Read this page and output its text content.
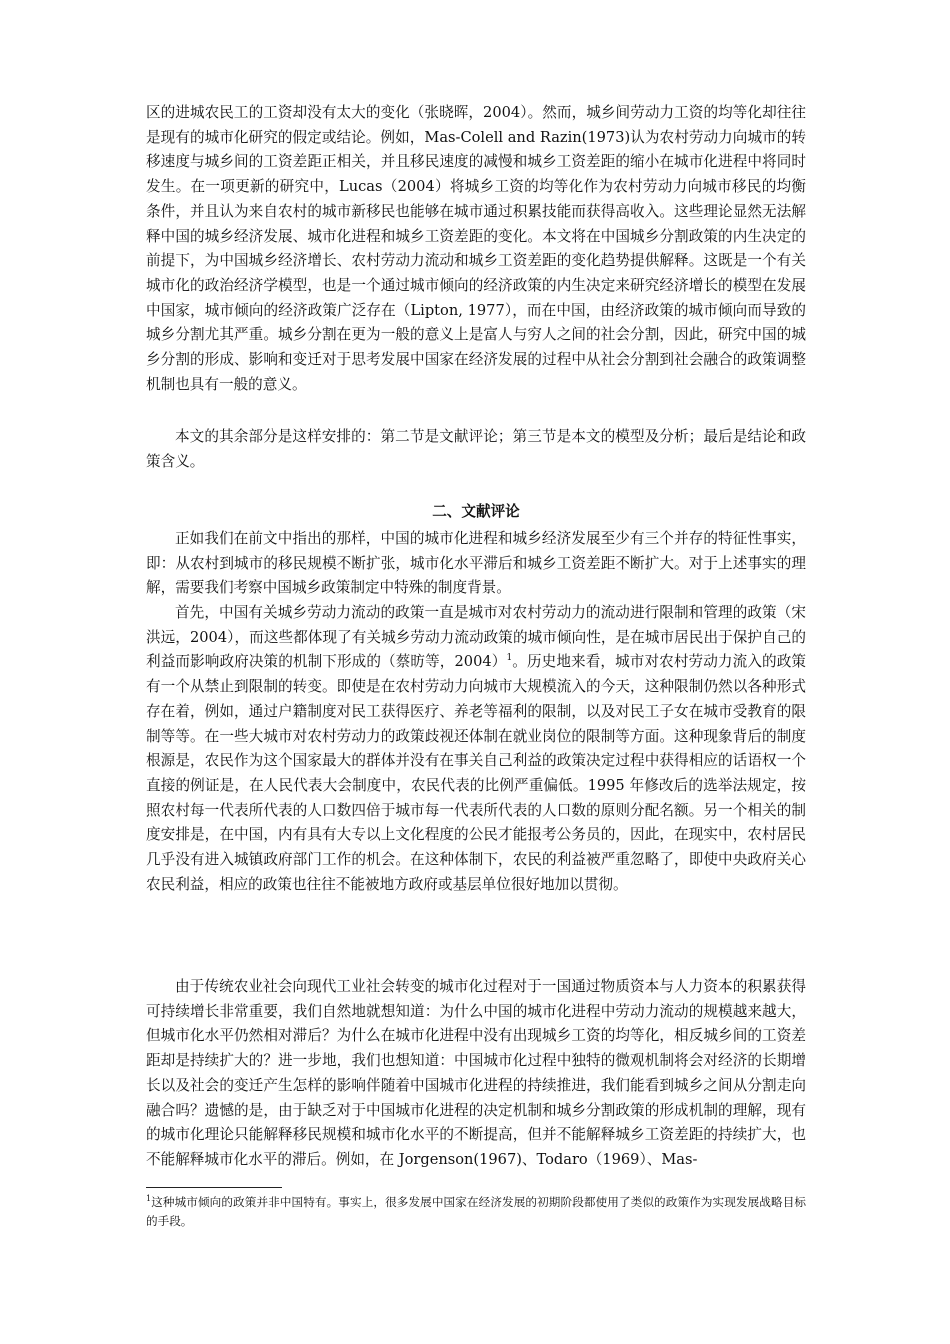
区的进城农民工的工资却没有太大的变化（张晓晖，2004）。然而，城乡间劳动力工资的均等化却往往是现有的城市化研究的假定或结论。例如，Mas-Colell and Razin(1973)认为农村劳动力向城市的转移速度与城乡间的工资差距正相关，并且移民速度的减慢和城乡工资差距的缩小在城市化进程中将同时发生。在一项更新的研究中，Lucas（2004）将城乡工资的均等化作为农村劳动力向城市移民的均衡条件，并且认为来自农村的城市新移民也能够在城市通过积累技能而获得高收入。这些理论显然无法解释中国的城乡经济发展、城市化进程和城乡工资差距的变化。本文将在中国城乡分割政策的内生决定的前提下，为中国城乡经济增长、农村劳动力流动和城乡工资差距的变化趋势提供解释。这既是一个有关城市化的政治经济学模型，也是一个通过城市倾向的经济政策的内生决定来研究经济增长的模型在发展中国家，城市倾向的经济政策广泛存在（Lipton, 1977），而在中国，由经济政策的城市倾向而导致的城乡分割尤其严重。城乡分割在更为一般的意义上是富人与穷人之间的社会分割，因此，研究中国的城乡分割的形成、影响和变迁对于思考发展中国家在经济发展的过程中从社会分割到社会融合的政策调整机制也具有一般的意义。
本文的其余部分是这样安排的：第二节是文献评论；第三节是本文的模型及分析；最后是结论和政策含义。
二、文献评论
正如我们在前文中指出的那样，中国的城市化进程和城乡经济发展至少有三个并存的特征性事实，即：从农村到城市的移民规模不断扩张，城市化水平滞后和城乡工资差距不断扩大。对于上述事实的理解，需要我们考察中国城乡政策制定中特殊的制度背景。
首先，中国有关城乡劳动力流动的政策一直是城市对农村劳动力的流动进行限制和管理的政策（宋洪远，2004），而这些都体现了有关城乡劳动力流动政策的城市倾向性，是在城市居民出于保护自己的利益而影响政府决策的机制下形成的（蔡昉等，2004）$^1$。历史地来看，城市对农村劳动力流入的政策有一个从禁止到限制的转变。即使是在农村劳动力向城市大规模流入的今天，这种限制仍然以各种形式存在着，例如，通过户籍制度对民工获得医疗、养老等福利的限制，以及对民工子女在城市受教育的限制等等。在一些大城市对农村劳动力的政策歧视还体制在就业岗位的限制等方面。这种现象背后的制度根源是，农民作为这个国家最大的群体并没有在事关自己利益的政策决定过程中获得相应的话语权一个直接的例证是，在人民代表大会制度中，农民代表的比例严重偏低。1995 年修改后的选举法规定，按照农村每一代表所代表的人口数四倍于城市每一代表所代表的人口数的原则分配名额。另一个相关的制度安排是，在中国，内有具有大专以上文化程度的公民才能报考公务员的，因此，在现实中，农村居民几乎没有进入城镇政府部门工作的机会。在这种体制下，农民的利益被严重忽略了，即使中央政府关心农民利益，相应的政策也往往不能被地方政府或基层单位很好地加以贯彻。
由于传统农业社会向现代工业社会转变的城市化过程对于一国通过物质资本与人力资本的积累获得可持续增长非常重要，我们自然地就想知道：为什么中国的城市化进程中劳动力流动的规模越来越大，但城市化水平仍然相对滞后？为什么在城市化进程中没有出现城乡工资的均等化，相反城乡间的工资差距却是持续扩大的？进一步地，我们也想知道：中国城市化过程中独特的微观机制将会对经济的长期增长以及社会的变迁产生怎样的影响伴随着中国城市化进程的持续推进，我们能看到城乡之间从分割走向融合吗？遗憾的是，由于缺乏对于中国城市化进程的决定机制和城乡分割政策的形成机制的理解，现有的城市化理论只能解释移民规模和城市化水平的不断提高，但并不能解释城乡工资差距的持续扩大，也不能解释城市化水平的滞后。例如，在 Jorgenson(1967)、Todaro（1969）、Mas-
$^1$这种城市倾向的政策并非中国特有。事实上，很多发展中国家在经济发展的初期阶段都使用了类似的政策作为实现发展战略目标的手段。
